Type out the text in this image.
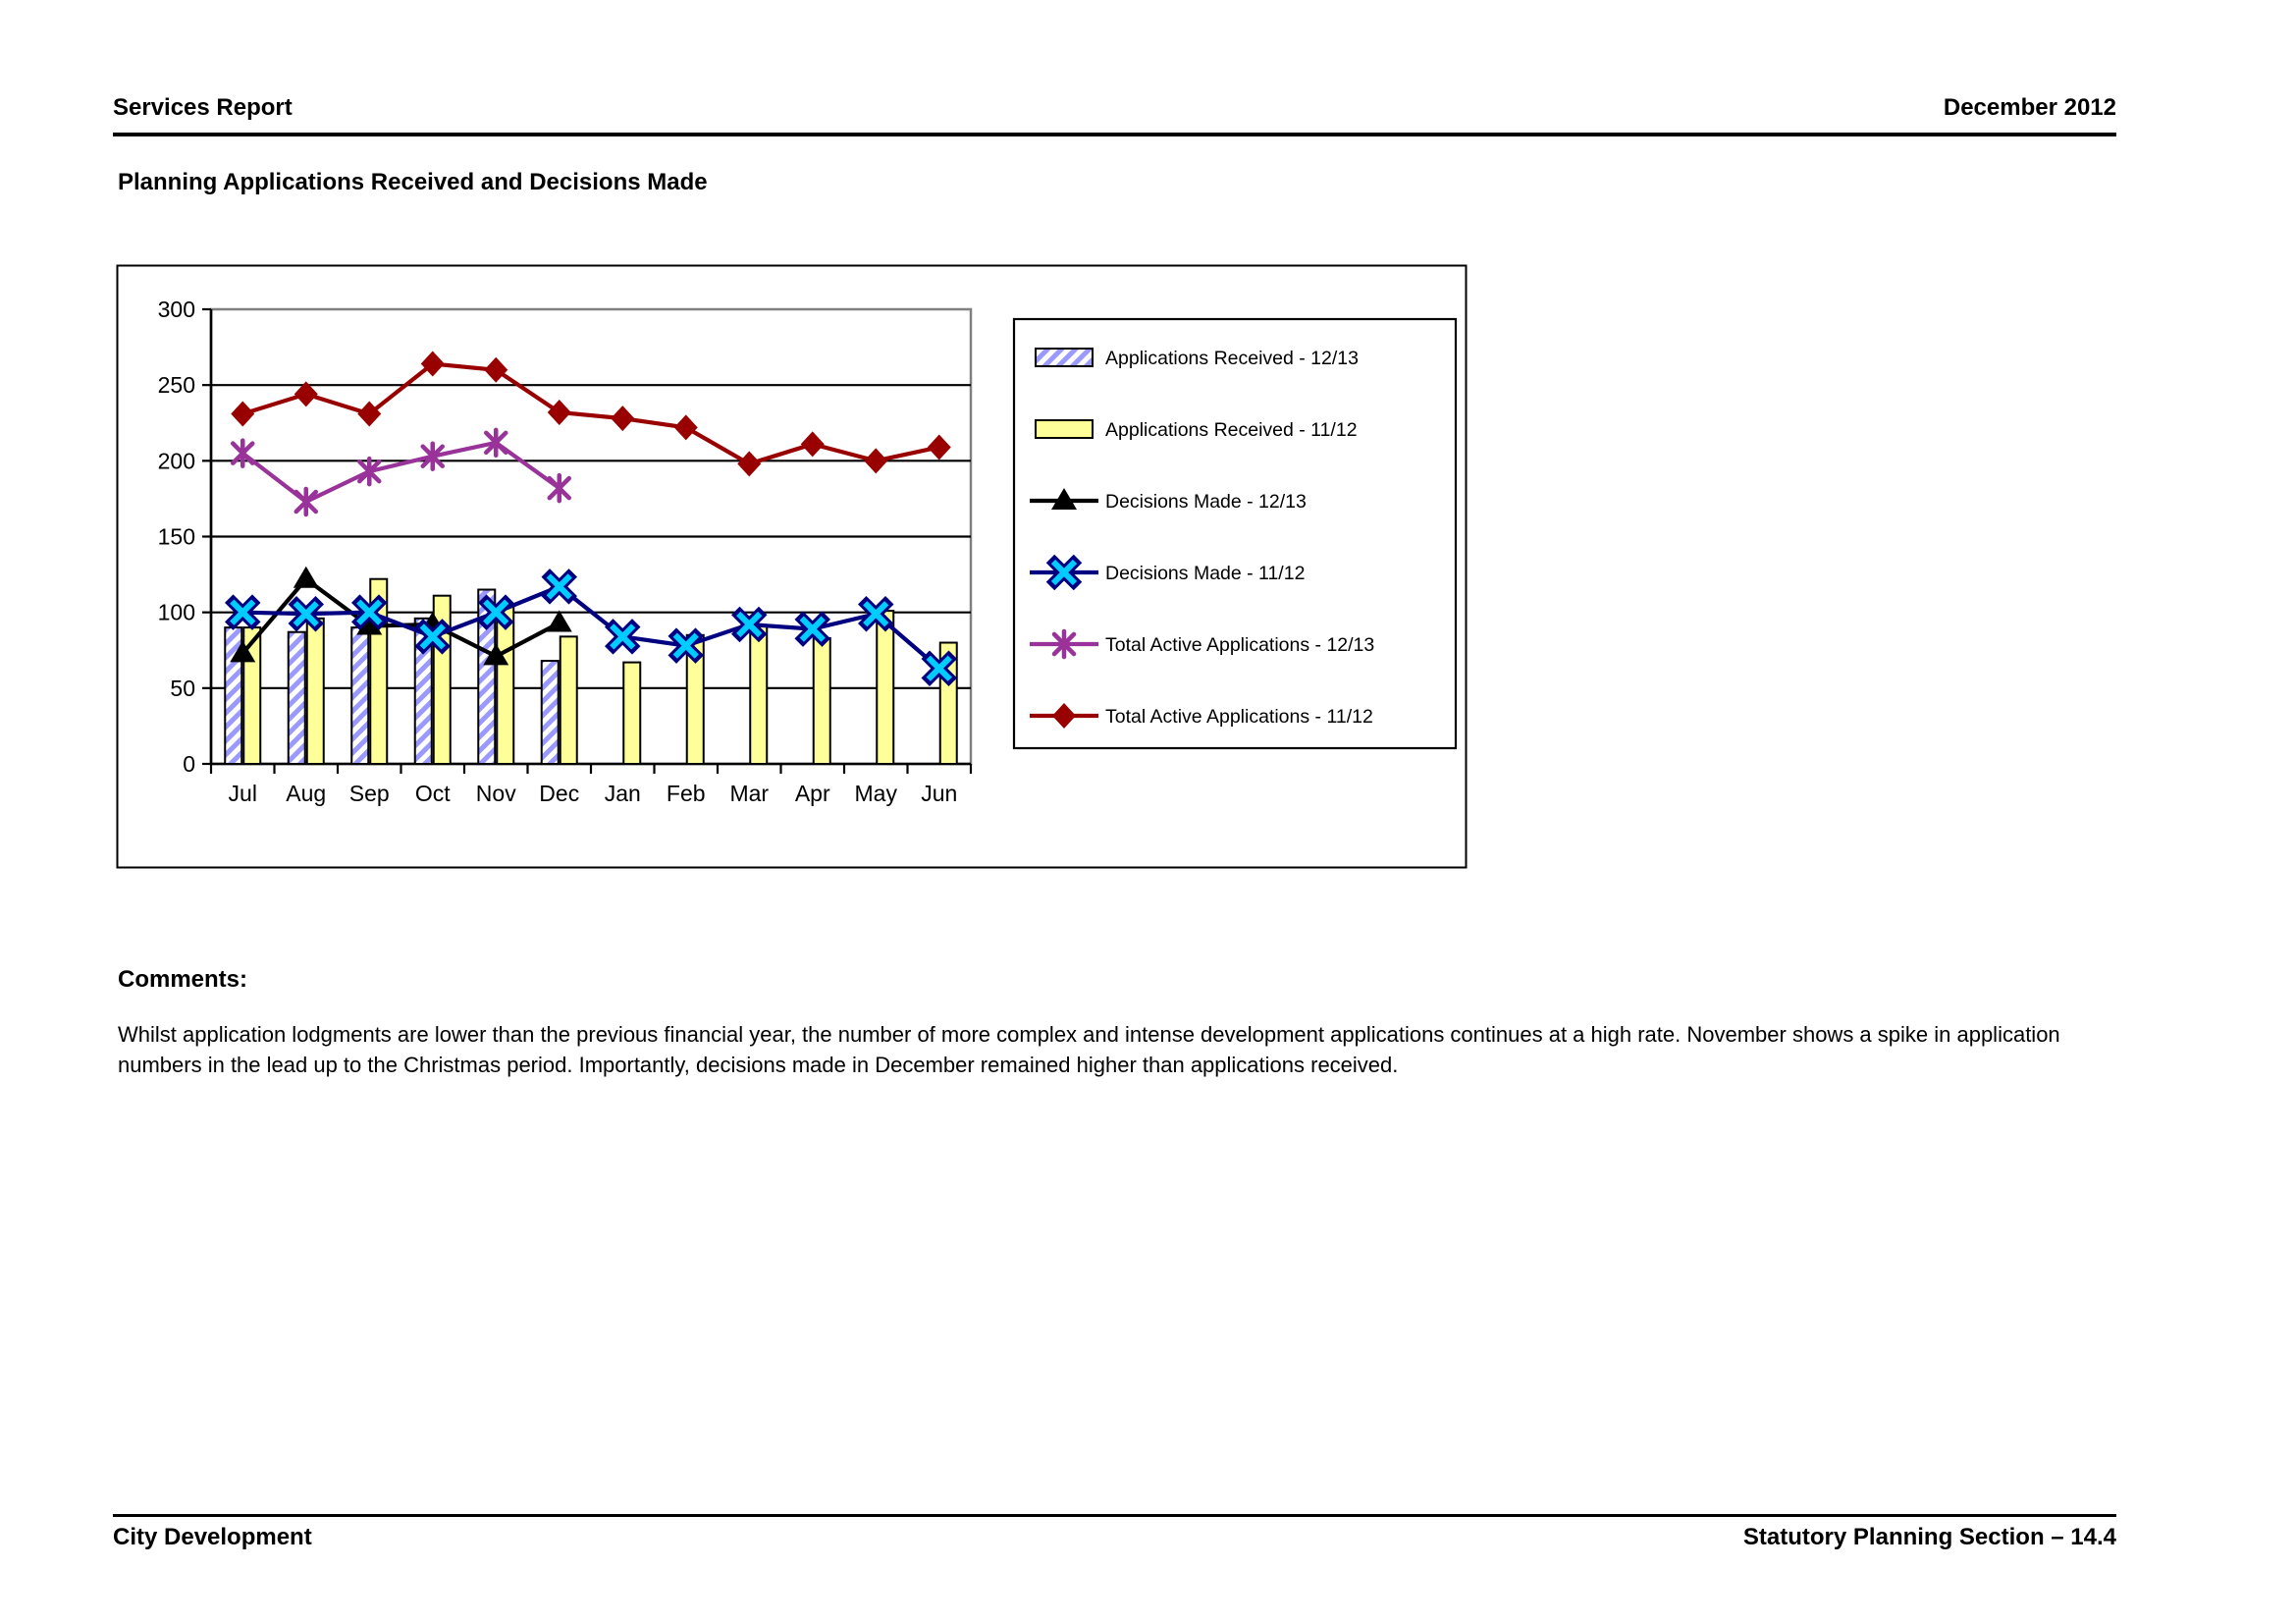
Services Report	December 2012
Planning Applications Received and Decisions Made
0
50
100
150
200
250
300
Jul Aug Sep Oct Nov Dec Jan Feb Mar Apr May Jun
Applications Received - 12/13
Applications Received - 11/12
Decisions Made - 12/13
Decisions Made - 11/12
Total Active Applications - 12/13
Total Active Applications - 11/12
Comments:

Whilst application lodgments are lower than the previous financial year, the number of more complex and intense development applications continues at a high rate. November shows a spike in application numbers in the lead up to the Christmas period. Importantly, decisions made in December remained higher than applications received.

City Development	Statutory Planning Section – 14.4
